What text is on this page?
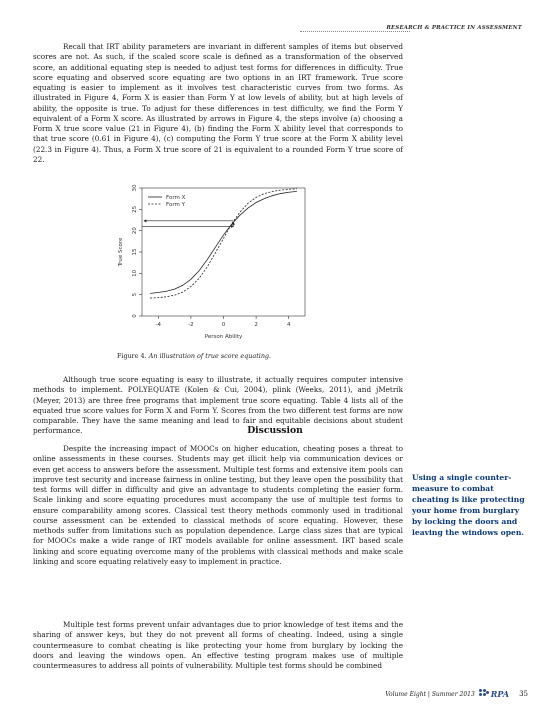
RESEARCH & PRACTICE IN ASSESSMENT

Recall that IRT ability parameters are invariant in different samples of items but observed scores are not. As such, if the scaled score scale is defined as a transformation of the observed score, an additional equating step is needed to adjust test forms for differences in difficulty. True score equating and observed score equating are two options in an IRT framework. True score equating is easier to implement as it involves test characteristic curves from two forms. As illustrated in Figure 4, Form X is easier than Form Y at low levels of ability, but at high levels of ability, the opposite is true. To adjust for these differences in test difficulty, we find the Form Y equivalent of a Form X score. As illustrated by arrows in Figure 4, the steps involve (a) choosing a Form X true score value (21 in Figure 4), (b) finding the Form X ability level that corresponds to that true score (0.61 in Figure 4), (c) computing the Form Y true score at the Form X ability level (22.3 in Figure 4). Thus, a Form X true score of 21 is equivalent to a rounded Form Y true score of 22.

-4	-2	0	2	4
0
5
10
15
20
25
30
Person Ability
True Score
Form X
Form Y
Figure 4. An illustration of true score equating.

Although true score equating is easy to illustrate, it actually requires computer intensive methods to implement. POLYEQUATE (Kolen & Cui, 2004), plink (Weeks, 2011), and jMetrik (Meyer, 2013) are three free programs that implement true score equating. Table 4 lists all of the equated true score values for Form X and Form Y. Scores from the two different test forms are now comparable. They have the same meaning and lead to fair and equitable decisions about student performance.	Discussion

Despite the increasing impact of MOOCs on higher education, cheating poses a threat to online assessments in these courses. Students may get illicit help via communication devices or even get access to answers before the assessment. Multiple test forms and extensive item pools can improve test security and increase fairness in online testing, but they leave open the possibility that test forms will differ in difficulty and give an advantage to students completing the easier form. Scale linking and score equating procedures must accompany the use of multiple test forms to ensure comparability among scores. Classical test theory methods commonly used in traditional course assessment can be extended to classical methods of score equating. However, these methods suffer from limitations such as population dependence. Large class sizes that are typical for MOOCs make a wide range of IRT models available for online assessment. IRT based scale linking and score equating overcome many of the problems with classical methods and make scale linking and score equating relatively easy to implement in practice.

Multiple test forms prevent unfair advantages due to prior knowledge of test items and the sharing of answer keys, but they do not prevent all forms of cheating. Indeed, using a single countermeasure to combat cheating is like protecting your home from burglary by locking the doors and leaving the windows open. An effective testing program makes use of multiple countermeasures to address all points of vulnerability. Multiple test forms should be combined

Using a single counter-measure to combat cheating is like protecting your home from burglary by locking the doors and leaving the windows open.
Volume Eight | Summer 2013 RPA 35
